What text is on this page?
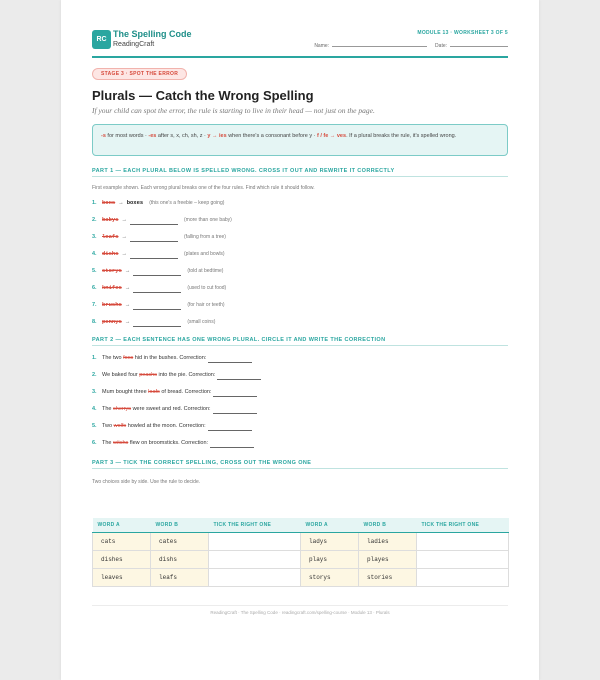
RC
The Spelling Code
ReadingCraft
MODULE 13 · WORKSHEET 3 OF 5
Name:	Date:
STAGE 3 · SPOT THE ERROR
Plurals — Catch the Wrong Spelling
If your child can spot the error, the rule is starting to live in their head — not just on the page.
-s for most words · -es after s, x, ch, sh, z · y → ies when there's a consonant before y · f / fe → ves. If a plural breaks the rule, it's spelled wrong.
PART 1 — EACH PLURAL BELOW IS SPELLED WRONG. CROSS IT OUT AND REWRITE IT CORRECTLY
First example shown. Each wrong plural breaks one of the four rules. Find which rule it should follow.
1. boxs → boxes (this one's a freebie – keep going)
2. babys →	(more than one baby)
3. leafs →	(falling from a tree)
4. dishs →	(plates and bowls)
5. storys →	(told at bedtime)
6. knifes →	(used to cut food)
7. brushs →	(for hair or teeth)
8. pennys →	(small coins)
PART 2 — EACH SENTENCE HAS ONE WRONG PLURAL. CIRCLE IT AND WRITE THE CORRECTION
1. The two foxs hid in the bushes. Correction:
2. We baked four peachs into the pie. Correction:
3. Mum bought three loafs of bread. Correction:
4. The cherrys were sweet and red. Correction:
5. Two wolfs howled at the moon. Correction:
6. The witchs flew on broomsticks. Correction:
PART 3 — TICK THE CORRECT SPELLING, CROSS OUT THE WRONG ONE
Two choices side by side. Use the rule to decide.
WORD A	WORD B	TICK THE RIGHT ONE	WORD A	WORD B	TICK THE RIGHT ONE
cats	cates		ladys	ladies	
dishes	dishs		plays	playes	
leaves	leafs		storys	stories	
ReadingCraft · The Spelling Code · readingcraft.com/spelling-course · Module 13 · Plurals
